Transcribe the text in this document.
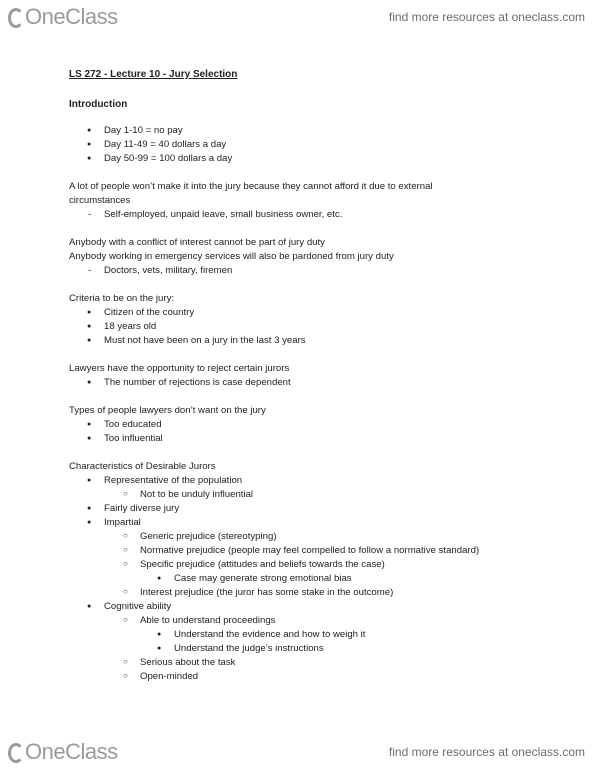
OneClass	find more resources at oneclass.com

LS 272 - Lecture 10 - Jury Selection

Introduction

●
Day 1-10 = no pay
●
Day 11-49 = 40 dollars a day
●
Day 50-99 = 100 dollars a day

A lot of people won’t make it into the jury because they cannot afford it due to external circumstances

-
Self-employed, unpaid leave, small business owner, etc.

Anybody with a conflict of interest cannot be part of jury duty

Anybody working in emergency services will also be pardoned from jury duty

-
Doctors, vets, military, firemen

Criteria to be on the jury:

●
Citizen of the country
●
18 years old
●
Must not have been on a jury in the last 3 years

Lawyers have the opportunity to reject certain jurors

●
The number of rejections is case dependent

Types of people lawyers don’t want on the jury

●
Too educated
●
Too influential

Characteristics of Desirable Jurors

●
Representative of the population
○
Not to be unduly influential
●
Fairly diverse jury
●
Impartial
○
Generic prejudice (stereotyping)
○
Normative prejudice (people may feel compelled to follow a normative standard)
○
Specific prejudice (attitudes and beliefs towards the case)
●
Case may generate strong emotional bias
○
Interest prejudice (the juror has some stake in the outcome)
●
Cognitive ability
○
Able to understand proceedings
●
Understand the evidence and how to weigh it
●
Understand the judge’s instructions
○
Serious about the task
○
Open-minded
OneClass	find more resources at oneclass.com
